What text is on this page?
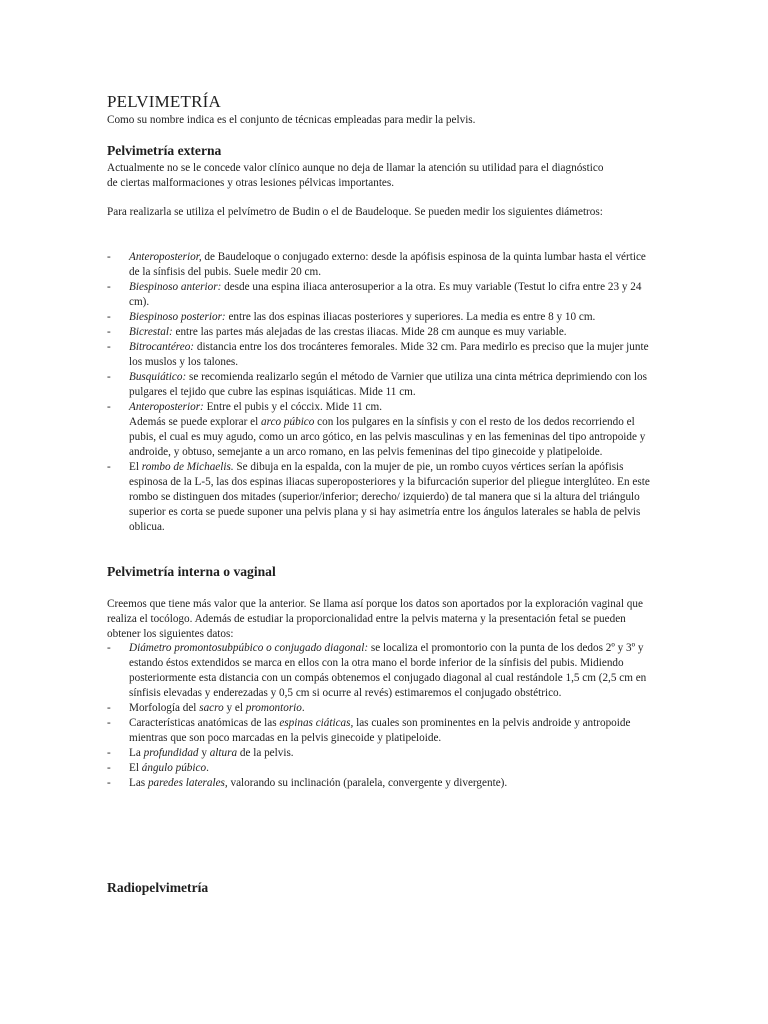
PELVIMETRÍA

Como su nombre indica es el conjunto de técnicas empleadas para medir la pelvis.

Pelvimetría externa

Actualmente no se le concede valor clínico aunque no deja de llamar la atención su utilidad para el diagnóstico de ciertas malformaciones y otras lesiones pélvicas importantes.

Para realizarla se utiliza el pelvímetro de Budin o el de Baudeloque. Se pueden medir los siguientes diámetros:

- Anteroposterior, de Baudeloque o conjugado externo: desde la apófisis espinosa de la quinta lumbar hasta el vértice de la sínfisis del pubis. Suele medir 20 cm.
- Biespinoso anterior: desde una espina iliaca anterosuperior a la otra. Es muy variable (Testut lo cifra entre 23 y 24 cm).
- Biespinoso posterior: entre las dos espinas iliacas posteriores y superiores. La media es entre 8 y 10 cm.
- Bicrestal: entre las partes más alejadas de las crestas iliacas. Mide 28 cm aunque es muy variable.
- Bitrocantéreo: distancia entre los dos trocánteres femorales. Mide 32 cm. Para medirlo es preciso que la mujer junte los muslos y los talones.
- Busquiático: se recomienda realizarlo según el método de Varnier que utiliza una cinta métrica deprimiendo con los pulgares el tejido que cubre las espinas isquiáticas. Mide 11 cm.
- Anteroposterior: Entre el pubis y el cóccix. Mide 11 cm.
Además se puede explorar el arco púbico con los pulgares en la sínfisis y con el resto de los dedos recorriendo el pubis, el cual es muy agudo, como un arco gótico, en las pelvis masculinas y en las femeninas del tipo antropoide y androide, y obtuso, semejante a un arco romano, en las pelvis femeninas del tipo ginecoide y platipeloide.
- El rombo de Michaelis. Se dibuja en la espalda, con la mujer de pie, un rombo cuyos vértices serían la apófisis espinosa de la L-5, las dos espinas iliacas superoposteriores y la bifurcación superior del pliegue interglúteo. En este rombo se distinguen dos mitades (superior/inferior; derecho/ izquierdo) de tal manera que si la altura del triángulo superior es corta se puede suponer una pelvis plana y si hay asimetría entre los ángulos laterales se habla de pelvis oblicua.
Pelvimetría interna o vaginal

Creemos que tiene más valor que la anterior. Se llama así porque los datos son aportados por la exploración vaginal que realiza el tocólogo. Además de estudiar la proporcionalidad entre la pelvis materna y la presentación fetal se pueden obtener los siguientes datos:

- Diámetro promontosubpúbico o conjugado diagonal: se localiza el promontorio con la punta de los dedos 2º y 3º y estando éstos extendidos se marca en ellos con la otra mano el borde inferior de la sínfisis del pubis. Midiendo posteriormente esta distancia con un compás obtenemos el conjugado diagonal al cual restándole 1,5 cm (2,5 cm en sínfisis elevadas y enderezadas y 0,5 cm si ocurre al revés) estimaremos el conjugado obstétrico.
- Morfología del sacro y el promontorio.
- Características anatómicas de las espinas ciáticas, las cuales son prominentes en la pelvis androide y antropoide mientras que son poco marcadas en la pelvis ginecoide y platipeloide.
- La profundidad y altura de la pelvis.
- El ángulo púbico.
- Las paredes laterales, valorando su inclinación (paralela, convergente y divergente).
Radiopelvimetría
